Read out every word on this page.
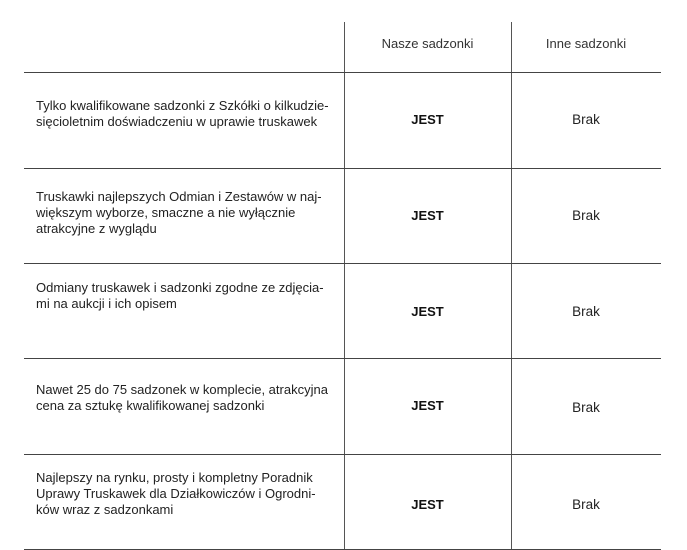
Nasze sadzonki	Inne sadzonki
Tylko kwalifikowane sadzonki z Szkółki o kilkudzie-
sięcioletnim doświadczeniu w uprawie truskawek	JEST	Brak
Truskawki najlepszych Odmian i Zestawów w naj-
większym wyborze, smaczne a nie wyłącznie
atrakcyjne z wyglądu
JEST	Brak
Odmiany truskawek i sadzonki zgodne ze zdjęcia-
mi na aukcji i ich opisem
JEST	Brak
Nawet 25 do 75 sadzonek w komplecie, atrakcyjna
cena za sztukę kwalifikowanej sadzonki	JEST	Brak
Najlepszy na rynku, prosty i kompletny Poradnik
Uprawy Truskawek dla Działkowiczów i Ogrodni-
ków wraz z sadzonkami	JEST	Brak
